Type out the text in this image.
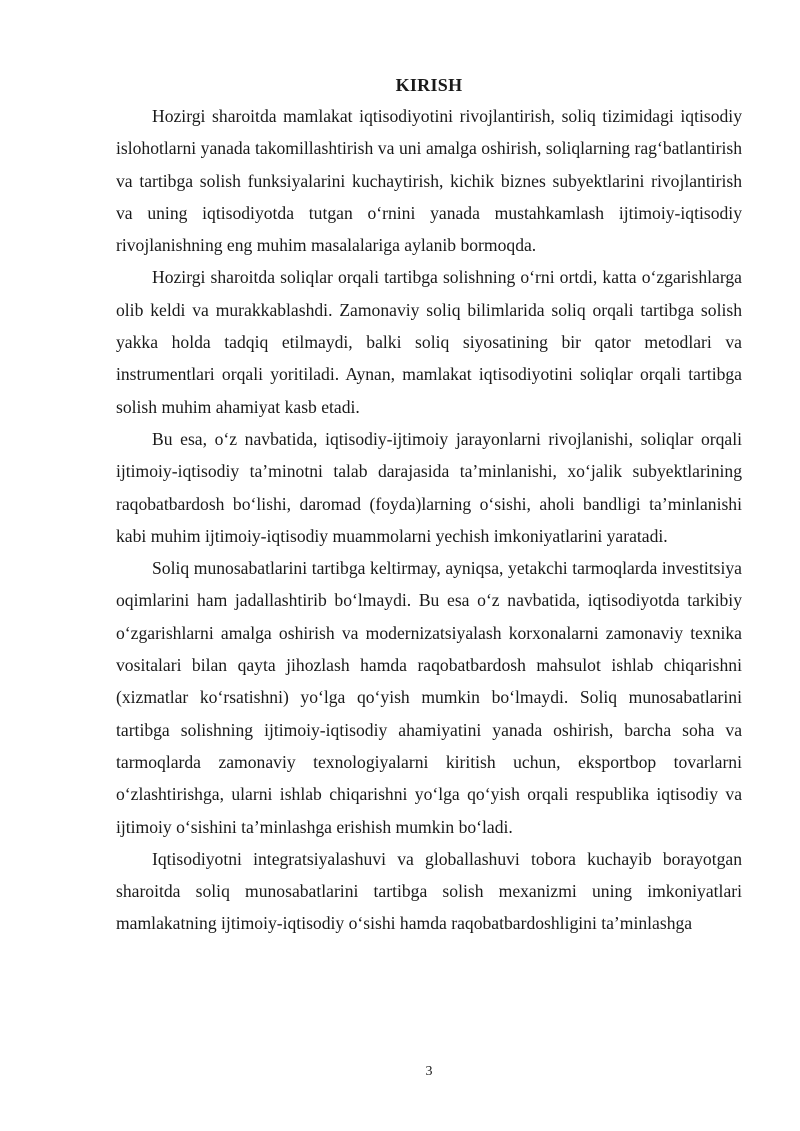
KIRISH

Hozirgi sharoitda mamlakat iqtisodiyotini rivojlantirish, soliq tizimidagi iqtisodiy islohotlarni yanada takomillashtirish va uni amalga oshirish, soliqlarning rag‘batlantirish va tartibga solish funksiyalarini kuchaytirish, kichik biznes subyektlarini rivojlantirish va uning iqtisodiyotda tutgan o‘rnini yanada mustahkamlash ijtimoiy-iqtisodiy rivojlanishning eng muhim masalalariga aylanib bormoqda.

Hozirgi sharoitda soliqlar orqali tartibga solishning o‘rni ortdi, katta o‘zgarishlarga olib keldi va murakkablashdi. Zamonaviy soliq bilimlarida soliq orqali tartibga solish yakka holda tadqiq etilmaydi, balki soliq siyosatining bir qator metodlari va instrumentlari orqali yoritiladi. Aynan, mamlakat iqtisodiyotini soliqlar orqali tartibga solish muhim ahamiyat kasb etadi.

Bu esa, o‘z navbatida, iqtisodiy-ijtimoiy jarayonlarni rivojlanishi, soliqlar orqali ijtimoiy-iqtisodiy ta’minotni talab darajasida ta’minlanishi, xo‘jalik subyektlarining raqobatbardosh bo‘lishi, daromad (foyda)larning o‘sishi, aholi bandligi ta’minlanishi kabi muhim ijtimoiy-iqtisodiy muammolarni yechish imkoniyatlarini yaratadi.

Soliq munosabatlarini tartibga keltirmay, ayniqsa, yetakchi tarmoqlarda investitsiya oqimlarini ham jadallashtirib bo‘lmaydi. Bu esa o‘z navbatida, iqtisodiyotda tarkibiy o‘zgarishlarni amalga oshirish va modernizatsiyalash korxonalarni zamonaviy texnika vositalari bilan qayta jihozlash hamda raqobatbardosh mahsulot ishlab chiqarishni (xizmatlar ko‘rsatishni) yo‘lga qo‘yish mumkin bo‘lmaydi. Soliq munosabatlarini tartibga solishning ijtimoiy-iqtisodiy ahamiyatini yanada oshirish, barcha soha va tarmoqlarda zamonaviy texnologiyalarni kiritish uchun, eksportbop tovarlarni o‘zlashtirishga, ularni ishlab chiqarishni yo‘lga qo‘yish orqali respublika iqtisodiy va ijtimoiy o‘sishini ta’minlashga erishish mumkin bo‘ladi.

Iqtisodiyotni integratsiyalashuvi va globallashuvi tobora kuchayib borayotgan sharoitda soliq munosabatlarini tartibga solish mexanizmi uning imkoniyatlari mamlakatning ijtimoiy-iqtisodiy o‘sishi hamda raqobatbardoshligini ta’minlashga

3
